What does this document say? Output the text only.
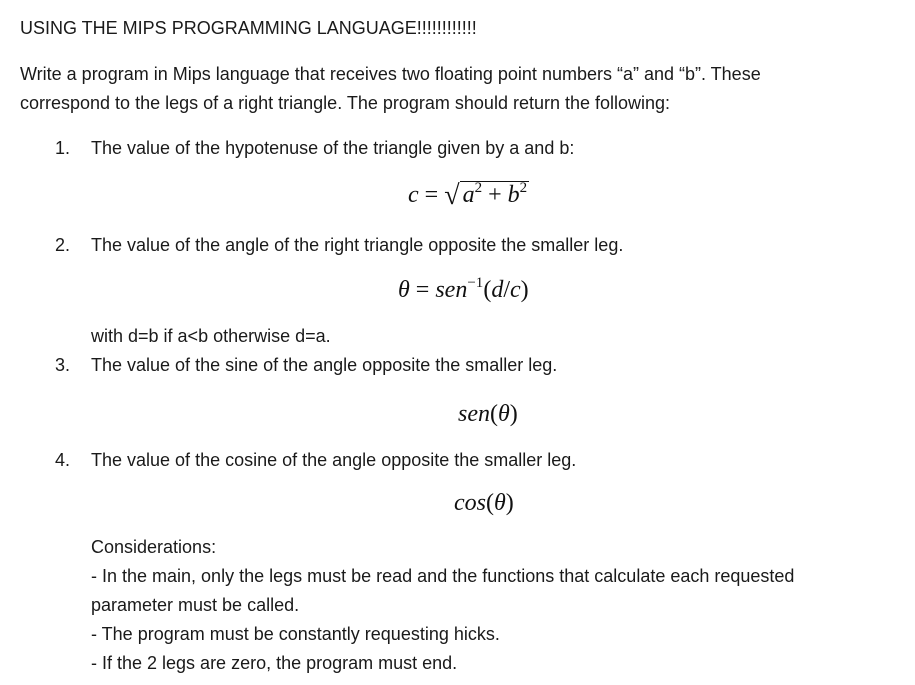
USING THE MIPS PROGRAMMING LANGUAGE!!!!!!!!!!!!
Write a program in Mips language that receives two floating point numbers “a” and “b”. These
correspond to the legs of a right triangle. The program should return the following:
1. The value of the hypotenuse of the triangle given by a and b:
c = √ $a^2 + b^2$
2. The value of the angle of the right triangle opposite the smaller leg.
θ = sen$^{-1}$(d/c)
with d=b if a<b otherwise d=a.
3. The value of the sine of the angle opposite the smaller leg.
sen(θ)
4. The value of the cosine of the angle opposite the smaller leg.
cos(θ)
Considerations:
- In the main, only the legs must be read and the functions that calculate each requested
parameter must be called.
- The program must be constantly requesting hicks.
- If the 2 legs are zero, the program must end.
